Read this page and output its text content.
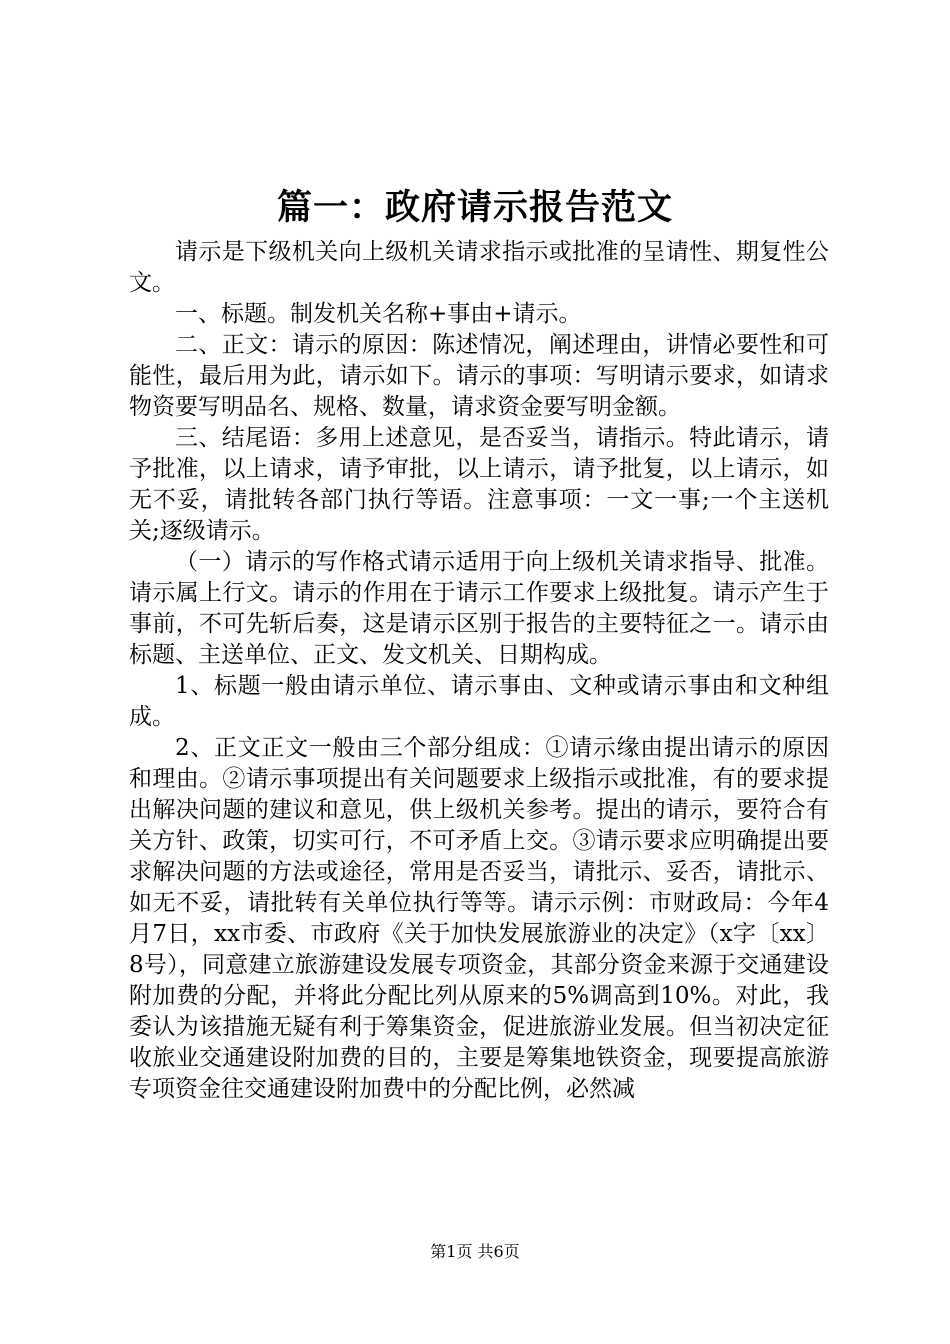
篇一：政府请示报告范文

请示是下级机关向上级机关请求指示或批准的呈请性、期复性公文。

一、标题。制发机关名称+事由+请示。

二、正文：请示的原因：陈述情况，阐述理由，讲情必要性和可能性，最后用为此，请示如下。请示的事项：写明请示要求，如请求物资要写明品名、规格、数量，请求资金要写明金额。

三、结尾语：多用上述意见，是否妥当，请指示。特此请示，请予批准，以上请求，请予审批，以上请示，请予批复，以上请示，如无不妥，请批转各部门执行等语。注意事项：一文一事;一个主送机关;逐级请示。

（一）请示的写作格式请示适用于向上级机关请求指导、批准。请示属上行文。请示的作用在于请示工作要求上级批复。请示产生于事前，不可先斩后奏，这是请示区别于报告的主要特征之一。请示由标题、主送单位、正文、发文机关、日期构成。

1、标题一般由请示单位、请示事由、文种或请示事由和文种组成。

2、正文正文一般由三个部分组成：①请示缘由提出请示的原因和理由。②请示事项提出有关问题要求上级指示或批准，有的要求提出解决问题的建议和意见，供上级机关参考。提出的请示，要符合有关方针、政策，切实可行，不可矛盾上交。③请示要求应明确提出要求解决问题的方法或途径，常用是否妥当，请批示、妥否，请批示、如无不妥，请批转有关单位执行等等。请示示例：市财政局：今年4月7日，xx市委、市政府《关于加快发展旅游业的决定》（x字〔xx〕8号），同意建立旅游建设发展专项资金，其部分资金来源于交通建设附加费的分配，并将此分配比列从原来的5%调高到10%。对此，我委认为该措施无疑有利于筹集资金，促进旅游业发展。但当初决定征收旅业交通建设附加费的目的，主要是筹集地铁资金，现要提高旅游专项资金往交通建设附加费中的分配比例，必然减

第1页 共6页
